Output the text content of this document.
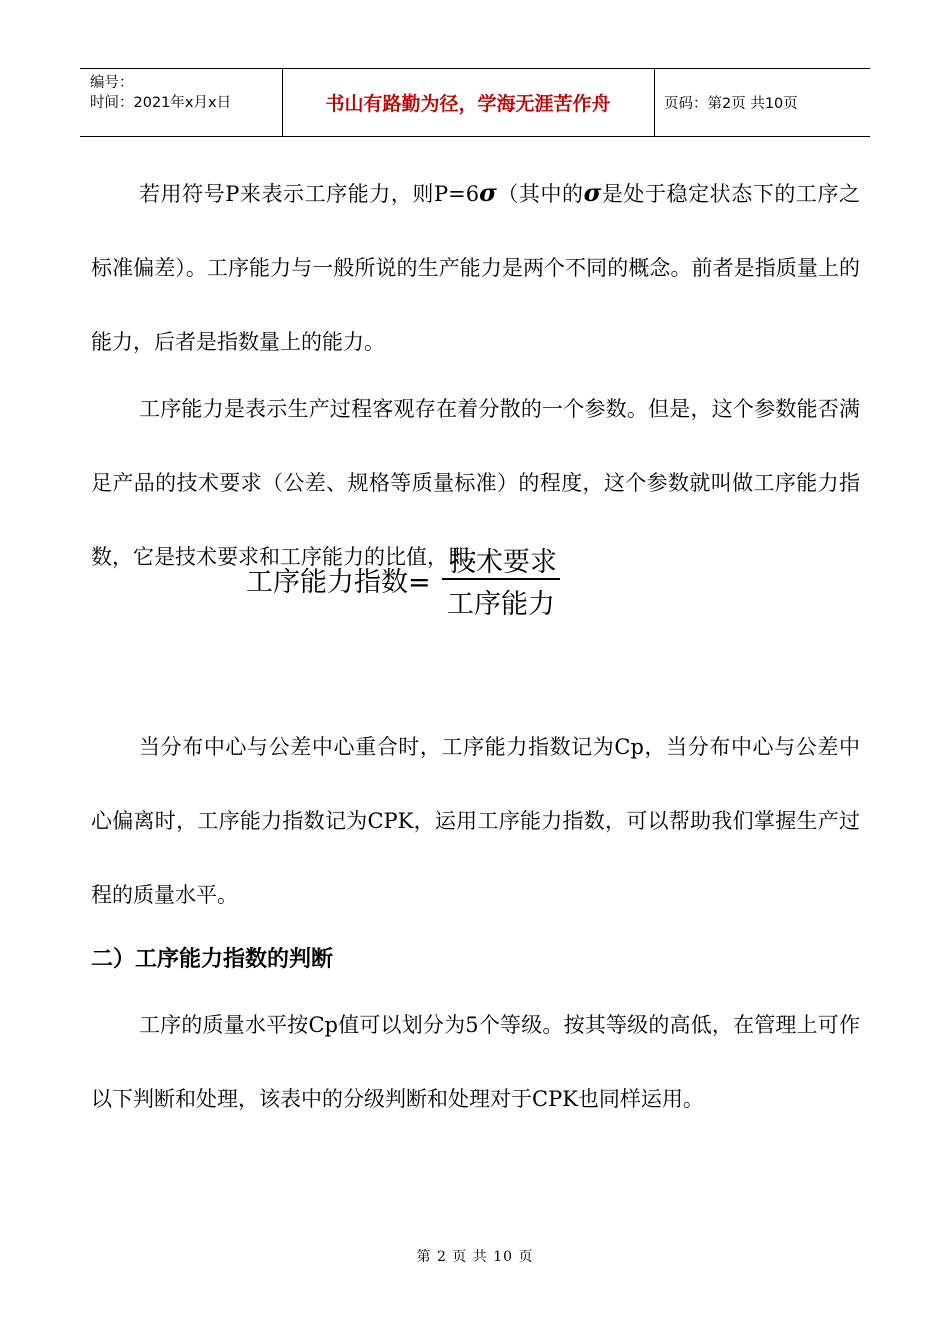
编号：
时间：2021年x月x日	书山有路勤为径，学海无涯苦作舟	页码：第2页 共10页

若用符号P来表示工序能力，则P=6σ（其中的σ是处于稳定状态下的工序之标准偏差）。工序能力与一般所说的生产能力是两个不同的概念。前者是指质量上的能力，后者是指数量上的能力。

工序能力是表示生产过程客观存在着分散的一个参数。但是，这个参数能否满足产品的技术要求（公差、规格等质量标准）的程度，这个参数就叫做工序能力指数，它是技术要求和工序能力的比值，即：

工序能力指数=
技术要求
工序能力

当分布中心与公差中心重合时，工序能力指数记为Cp，当分布中心与公差中心偏离时，工序能力指数记为CPK，运用工序能力指数，可以帮助我们掌握生产过程的质量水平。

二）工序能力指数的判断

工序的质量水平按Cp值可以划分为5个等级。按其等级的高低，在管理上可作以下判断和处理，该表中的分级判断和处理对于CPK也同样运用。

第 2 页 共 10 页
